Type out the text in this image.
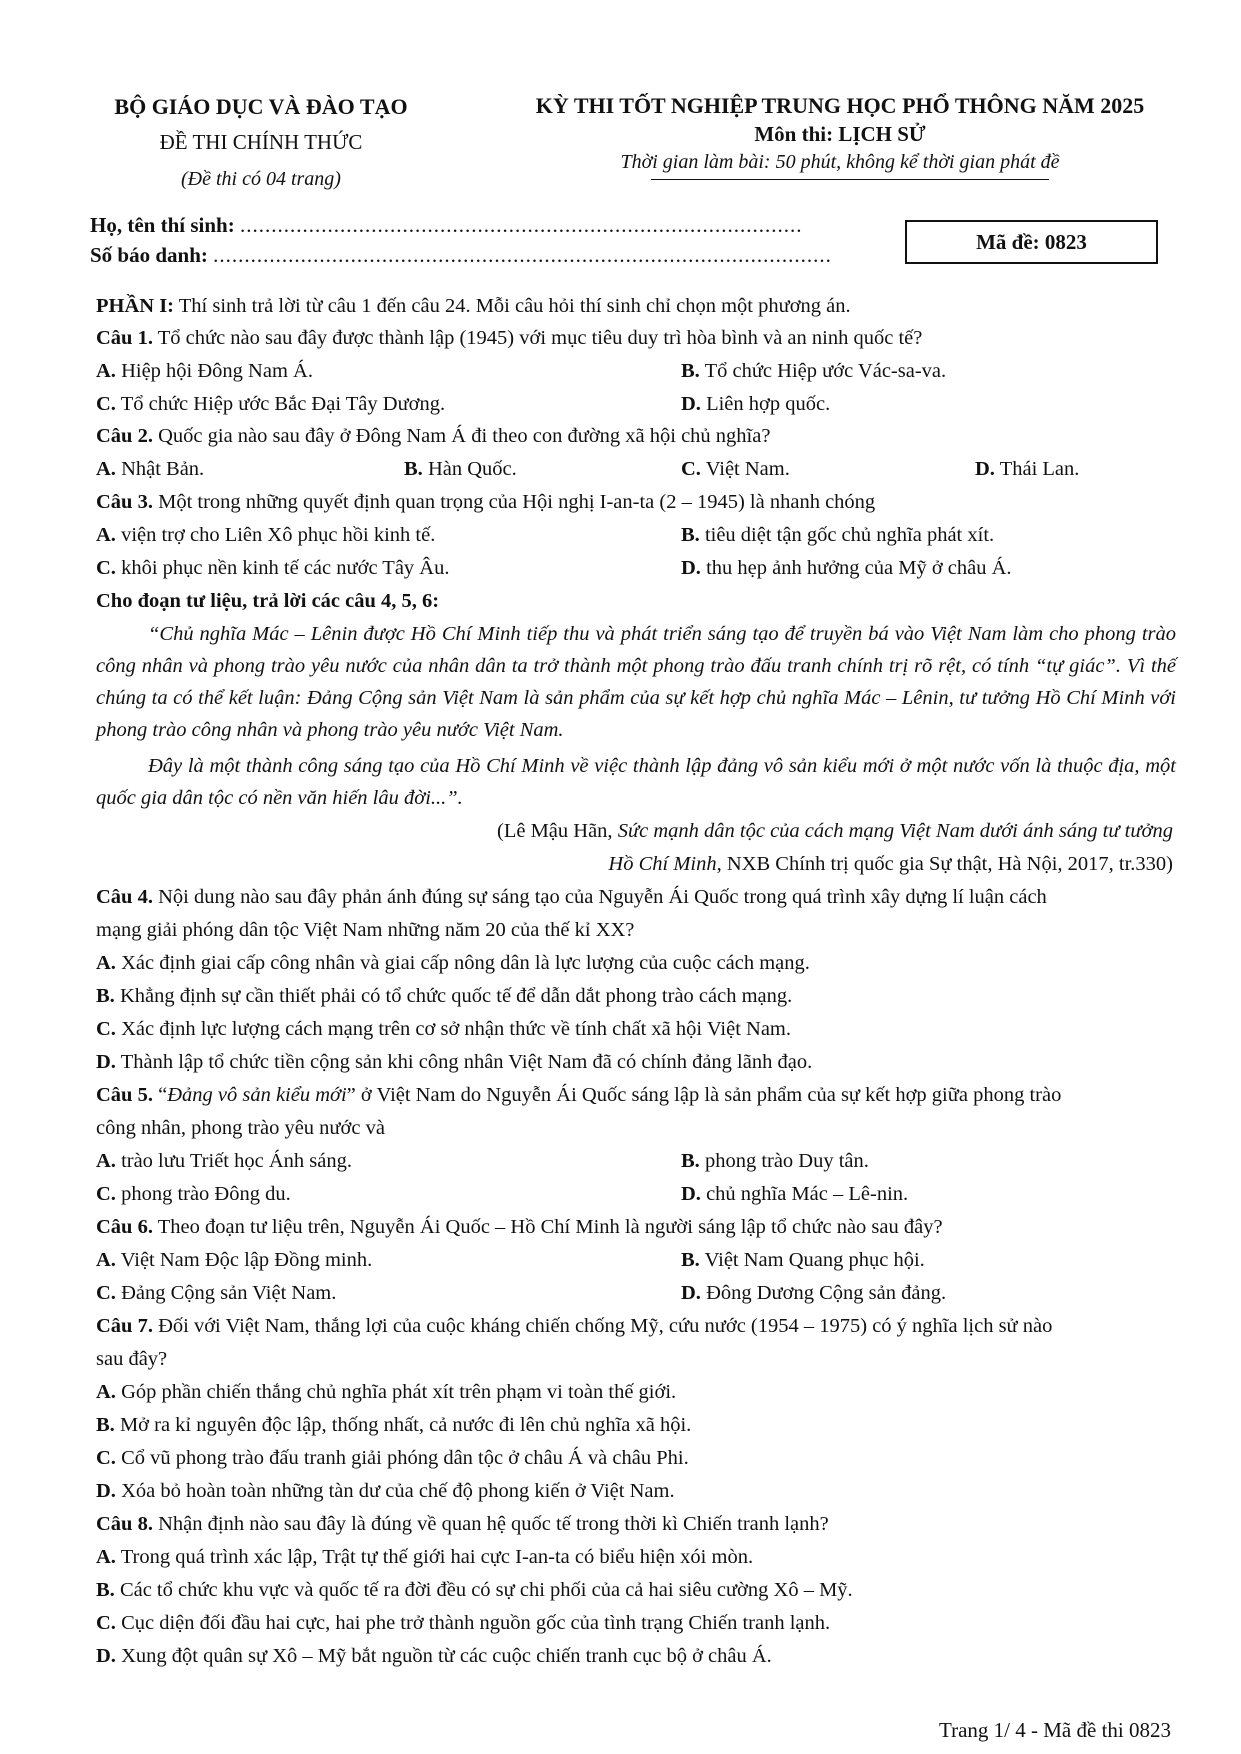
BỘ GIÁO DỤC VÀ ĐÀO TẠO
ĐỀ THI CHÍNH THỨC
(Đề thi có 04 trang)
KỲ THI TỐT NGHIỆP TRUNG HỌC PHỔ THÔNG NĂM 2025
Môn thi: LỊCH SỬ
Thời gian làm bài: 50 phút, không kể thời gian phát đề
Họ, tên thí sinh: ..........................................................................................
Số báo danh: ...................................................................................................
Mã đề: 0823
PHẦN I: Thí sinh trả lời từ câu 1 đến câu 24. Mỗi câu hỏi thí sinh chỉ chọn một phương án.
Câu 1. Tổ chức nào sau đây được thành lập (1945) với mục tiêu duy trì hòa bình và an ninh quốc tế?
A. Hiệp hội Đông Nam Á.	B. Tổ chức Hiệp ước Vác-sa-va.
C. Tổ chức Hiệp ước Bắc Đại Tây Dương.	D. Liên hợp quốc.
Câu 2. Quốc gia nào sau đây ở Đông Nam Á đi theo con đường xã hội chủ nghĩa?
A. Nhật Bản.	B. Hàn Quốc.	C. Việt Nam.	D. Thái Lan.
Câu 3. Một trong những quyết định quan trọng của Hội nghị I-an-ta (2 – 1945) là nhanh chóng
A. viện trợ cho Liên Xô phục hồi kinh tế.	B. tiêu diệt tận gốc chủ nghĩa phát xít.
C. khôi phục nền kinh tế các nước Tây Âu.	D. thu hẹp ảnh hưởng của Mỹ ở châu Á.
Cho đoạn tư liệu, trả lời các câu 4, 5, 6:
“Chủ nghĩa Mác – Lênin được Hồ Chí Minh tiếp thu và phát triển sáng tạo để truyền bá vào Việt Nam làm cho phong trào công nhân và phong trào yêu nước của nhân dân ta trở thành một phong trào đấu tranh chính trị rõ rệt, có tính “tự giác”. Vì thế chúng ta có thể kết luận: Đảng Cộng sản Việt Nam là sản phẩm của sự kết hợp chủ nghĩa Mác – Lênin, tư tưởng Hồ Chí Minh với phong trào công nhân và phong trào yêu nước Việt Nam.
Đây là một thành công sáng tạo của Hồ Chí Minh về việc thành lập đảng vô sản kiểu mới ở một nước vốn là thuộc địa, một quốc gia dân tộc có nền văn hiến lâu đời...”.
(Lê Mậu Hãn, Sức mạnh dân tộc của cách mạng Việt Nam dưới ánh sáng tư tưởng
Hồ Chí Minh, NXB Chính trị quốc gia Sự thật, Hà Nội, 2017, tr.330)
Câu 4. Nội dung nào sau đây phản ánh đúng sự sáng tạo của Nguyễn Ái Quốc trong quá trình xây dựng lí luận cách
mạng giải phóng dân tộc Việt Nam những năm 20 của thế kỉ XX?
A. Xác định giai cấp công nhân và giai cấp nông dân là lực lượng của cuộc cách mạng.
B. Khẳng định sự cần thiết phải có tổ chức quốc tế để dẫn dắt phong trào cách mạng.
C. Xác định lực lượng cách mạng trên cơ sở nhận thức về tính chất xã hội Việt Nam.
D. Thành lập tổ chức tiền cộng sản khi công nhân Việt Nam đã có chính đảng lãnh đạo.
Câu 5. “Đảng vô sản kiểu mới” ở Việt Nam do Nguyễn Ái Quốc sáng lập là sản phẩm của sự kết hợp giữa phong trào
công nhân, phong trào yêu nước và
A. trào lưu Triết học Ánh sáng.	B. phong trào Duy tân.
C. phong trào Đông du.	D. chủ nghĩa Mác – Lê-nin.
Câu 6. Theo đoạn tư liệu trên, Nguyễn Ái Quốc – Hồ Chí Minh là người sáng lập tổ chức nào sau đây?
A. Việt Nam Độc lập Đồng minh.	B. Việt Nam Quang phục hội.
C. Đảng Cộng sản Việt Nam.	D. Đông Dương Cộng sản đảng.
Câu 7. Đối với Việt Nam, thắng lợi của cuộc kháng chiến chống Mỹ, cứu nước (1954 – 1975) có ý nghĩa lịch sử nào
sau đây?
A. Góp phần chiến thắng chủ nghĩa phát xít trên phạm vi toàn thế giới.
B. Mở ra kỉ nguyên độc lập, thống nhất, cả nước đi lên chủ nghĩa xã hội.
C. Cổ vũ phong trào đấu tranh giải phóng dân tộc ở châu Á và châu Phi.
D. Xóa bỏ hoàn toàn những tàn dư của chế độ phong kiến ở Việt Nam.
Câu 8. Nhận định nào sau đây là đúng về quan hệ quốc tế trong thời kì Chiến tranh lạnh?
A. Trong quá trình xác lập, Trật tự thế giới hai cực I-an-ta có biểu hiện xói mòn.
B. Các tổ chức khu vực và quốc tế ra đời đều có sự chi phối của cả hai siêu cường Xô – Mỹ.
C. Cục diện đối đầu hai cực, hai phe trở thành nguồn gốc của tình trạng Chiến tranh lạnh.
D. Xung đột quân sự Xô – Mỹ bắt nguồn từ các cuộc chiến tranh cục bộ ở châu Á.
Trang 1/ 4 - Mã đề thi 0823
